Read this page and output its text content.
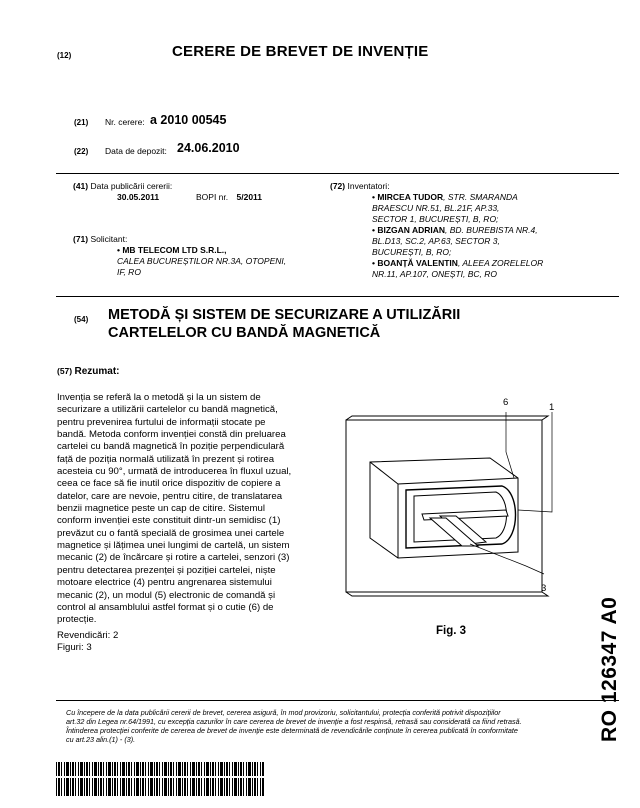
(12)	CERERE DE BREVET DE INVENȚIE
(21) Nr. cerere: a 2010 00545
(22) Data de depozit: 24.06.2010
(41) Data publicării cererii:
30.05.2011	BOPI nr. 5/2011
(71) Solicitant:
• MB TELECOM LTD S.R.L.,
CALEA BUCUREȘTILOR NR.3A, OTOPENI,
IF, RO
(72) Inventatori:
• MIRCEA TUDOR, STR. SMARANDA
BRAESCU NR.51, BL.21F, AP.33,
SECTOR 1, BUCUREȘTI, B, RO;
• BIZGAN ADRIAN, BD. BUREBISTA NR.4,
BL.D13, SC.2, AP.63, SECTOR 3,
BUCUREȘTI, B, RO;
• BOANȚĂ VALENTIN, ALEEA ZORELELOR
NR.11, AP.107, ONEȘTI, BC, RO
(54) METODĂ ȘI SISTEM DE SECURIZARE A UTILIZĂRII
CARTELELOR CU BANDĂ MAGNETICĂ
(57) Rezumat:
Invenția se referă la o metodă și la un sistem de
securizare a utilizării cartelelor cu bandă magnetică,
pentru prevenirea furtului de informații stocate pe
bandă. Metoda conform invenției constă din preluarea
cartelei cu bandă magnetică în poziție perpendiculară
față de poziția normală utilizată în prezent și rotirea
acesteia cu 90°, urmată de introducerea în fluxul uzual,
ceea ce face să fie inutil orice dispozitiv de copiere a
datelor, care are nevoie, pentru citire, de translatarea
benzii magnetice peste un cap de citire. Sistemul
conform invenției este constituit dintr-un semidisc (1)
prevăzut cu o fantă specială de grosimea unei cartele
magnetice și lățimea unei lungimi de cartelă, un sistem
mecanic (2) de încărcare și rotire a cartelei, senzori (3)
pentru detectarea prezenței și poziției cartelei, niște
motoare electrice (4) pentru angrenarea sistemului
mecanic (2), un modul (5) electronic de comandă și
control al ansamblului astfel format și o cutie (6) de
protecție.
Revendicări: 2
Figuri: 3
6	1
3
Fig. 3
Cu începere de la data publicării cererii de brevet, cererea asigură, în mod provizoriu, solicitantului, protecția conferită potrivit dispozițiilor
art.32 din Legea nr.64/1991, cu excepția cazurilor în care cererea de brevet de invenție a fost respinsă, retrasă sau considerată ca fiind retrasă.
Întinderea protecției conferite de cererea de brevet de invenție este determinată de revendicările conținute în cererea publicată în conformitate
cu art.23 alin.(1) - (3).	RO 126347 A0
